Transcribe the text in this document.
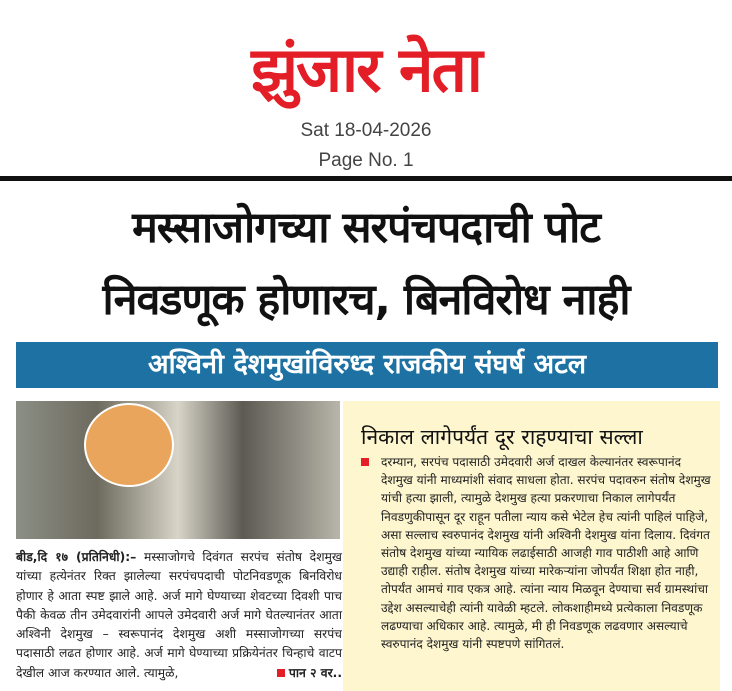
झुंजार नेता
Sat 18-04-2026
Page No. 1
मस्साजोगच्या सरपंचपदाची पोट
निवडणूक होणारच, बिनविरोध नाही
अश्विनी देशमुखांविरुध्द राजकीय संघर्ष अटल
बीड,दि १७ (प्रतिनिधी):– मस्साजोगचे दिवंगत सरपंच संतोष देशमुख यांच्या हत्येनंतर रिक्त झालेल्या सरपंचपदाची पोटनिवडणूक बिनविरोध होणार हे आता स्पष्ट झाले आहे. अर्ज मागे घेण्याच्या शेवटच्या दिवशी पाच पैकी केवळ तीन उमेदवारांनी आपले उमेदवारी अर्ज मागे घेतल्यानंतर आता अश्विनी देशमुख – स्वरूपानंद देशमुख अशी मस्साजोगच्या सरपंच पदासाठी लढत होणार आहे. अर्ज मागे घेण्याच्या प्रक्रियेनंतर चिन्हाचे वाटप देखील आज करण्यात आले. त्यामुळे,	पान २ वर..
निकाल लागेपर्यंत दूर राहण्याचा सल्ला

दरम्यान, सरपंच पदासाठी उमेदवारी अर्ज दाखल केल्यानंतर स्वरूपानंद देशमुख यांनी माध्यमांशी संवाद साधला होता. सरपंच पदावरुन संतोष देशमुख यांची हत्या झाली, त्यामुळे देशमुख हत्या प्रकरणाचा निकाल लागेपर्यंत निवडणुकीपासून दूर राहून पतीला न्याय कसे भेटेल हेच त्यांनी पाहिलं पाहिजे, असा सल्लाच स्वरुपानंद देशमुख यांनी अश्विनी देशमुख यांना दिलाय. दिवंगत संतोष देशमुख यांच्या न्यायिक लढाईसाठी आजही गाव पाठीशी आहे आणि उद्याही राहील. संतोष देशमुख यांच्या मारेकऱ्यांना जोपर्यंत शिक्षा होत नाही, तोपर्यंत आमचं गाव एकत्र आहे. त्यांना न्याय मिळवून देण्याचा सर्व ग्रामस्थांचा उद्देश असल्याचेही त्यांनी यावेळी म्हटले. लोकशाहीमध्ये प्रत्येकाला निवडणूक लढण्याचा अधिकार आहे. त्यामुळे, मी ही निवडणूक लढवणार असल्याचे स्वरुपानंद देशमुख यांनी स्पष्टपणे सांगितलं.
